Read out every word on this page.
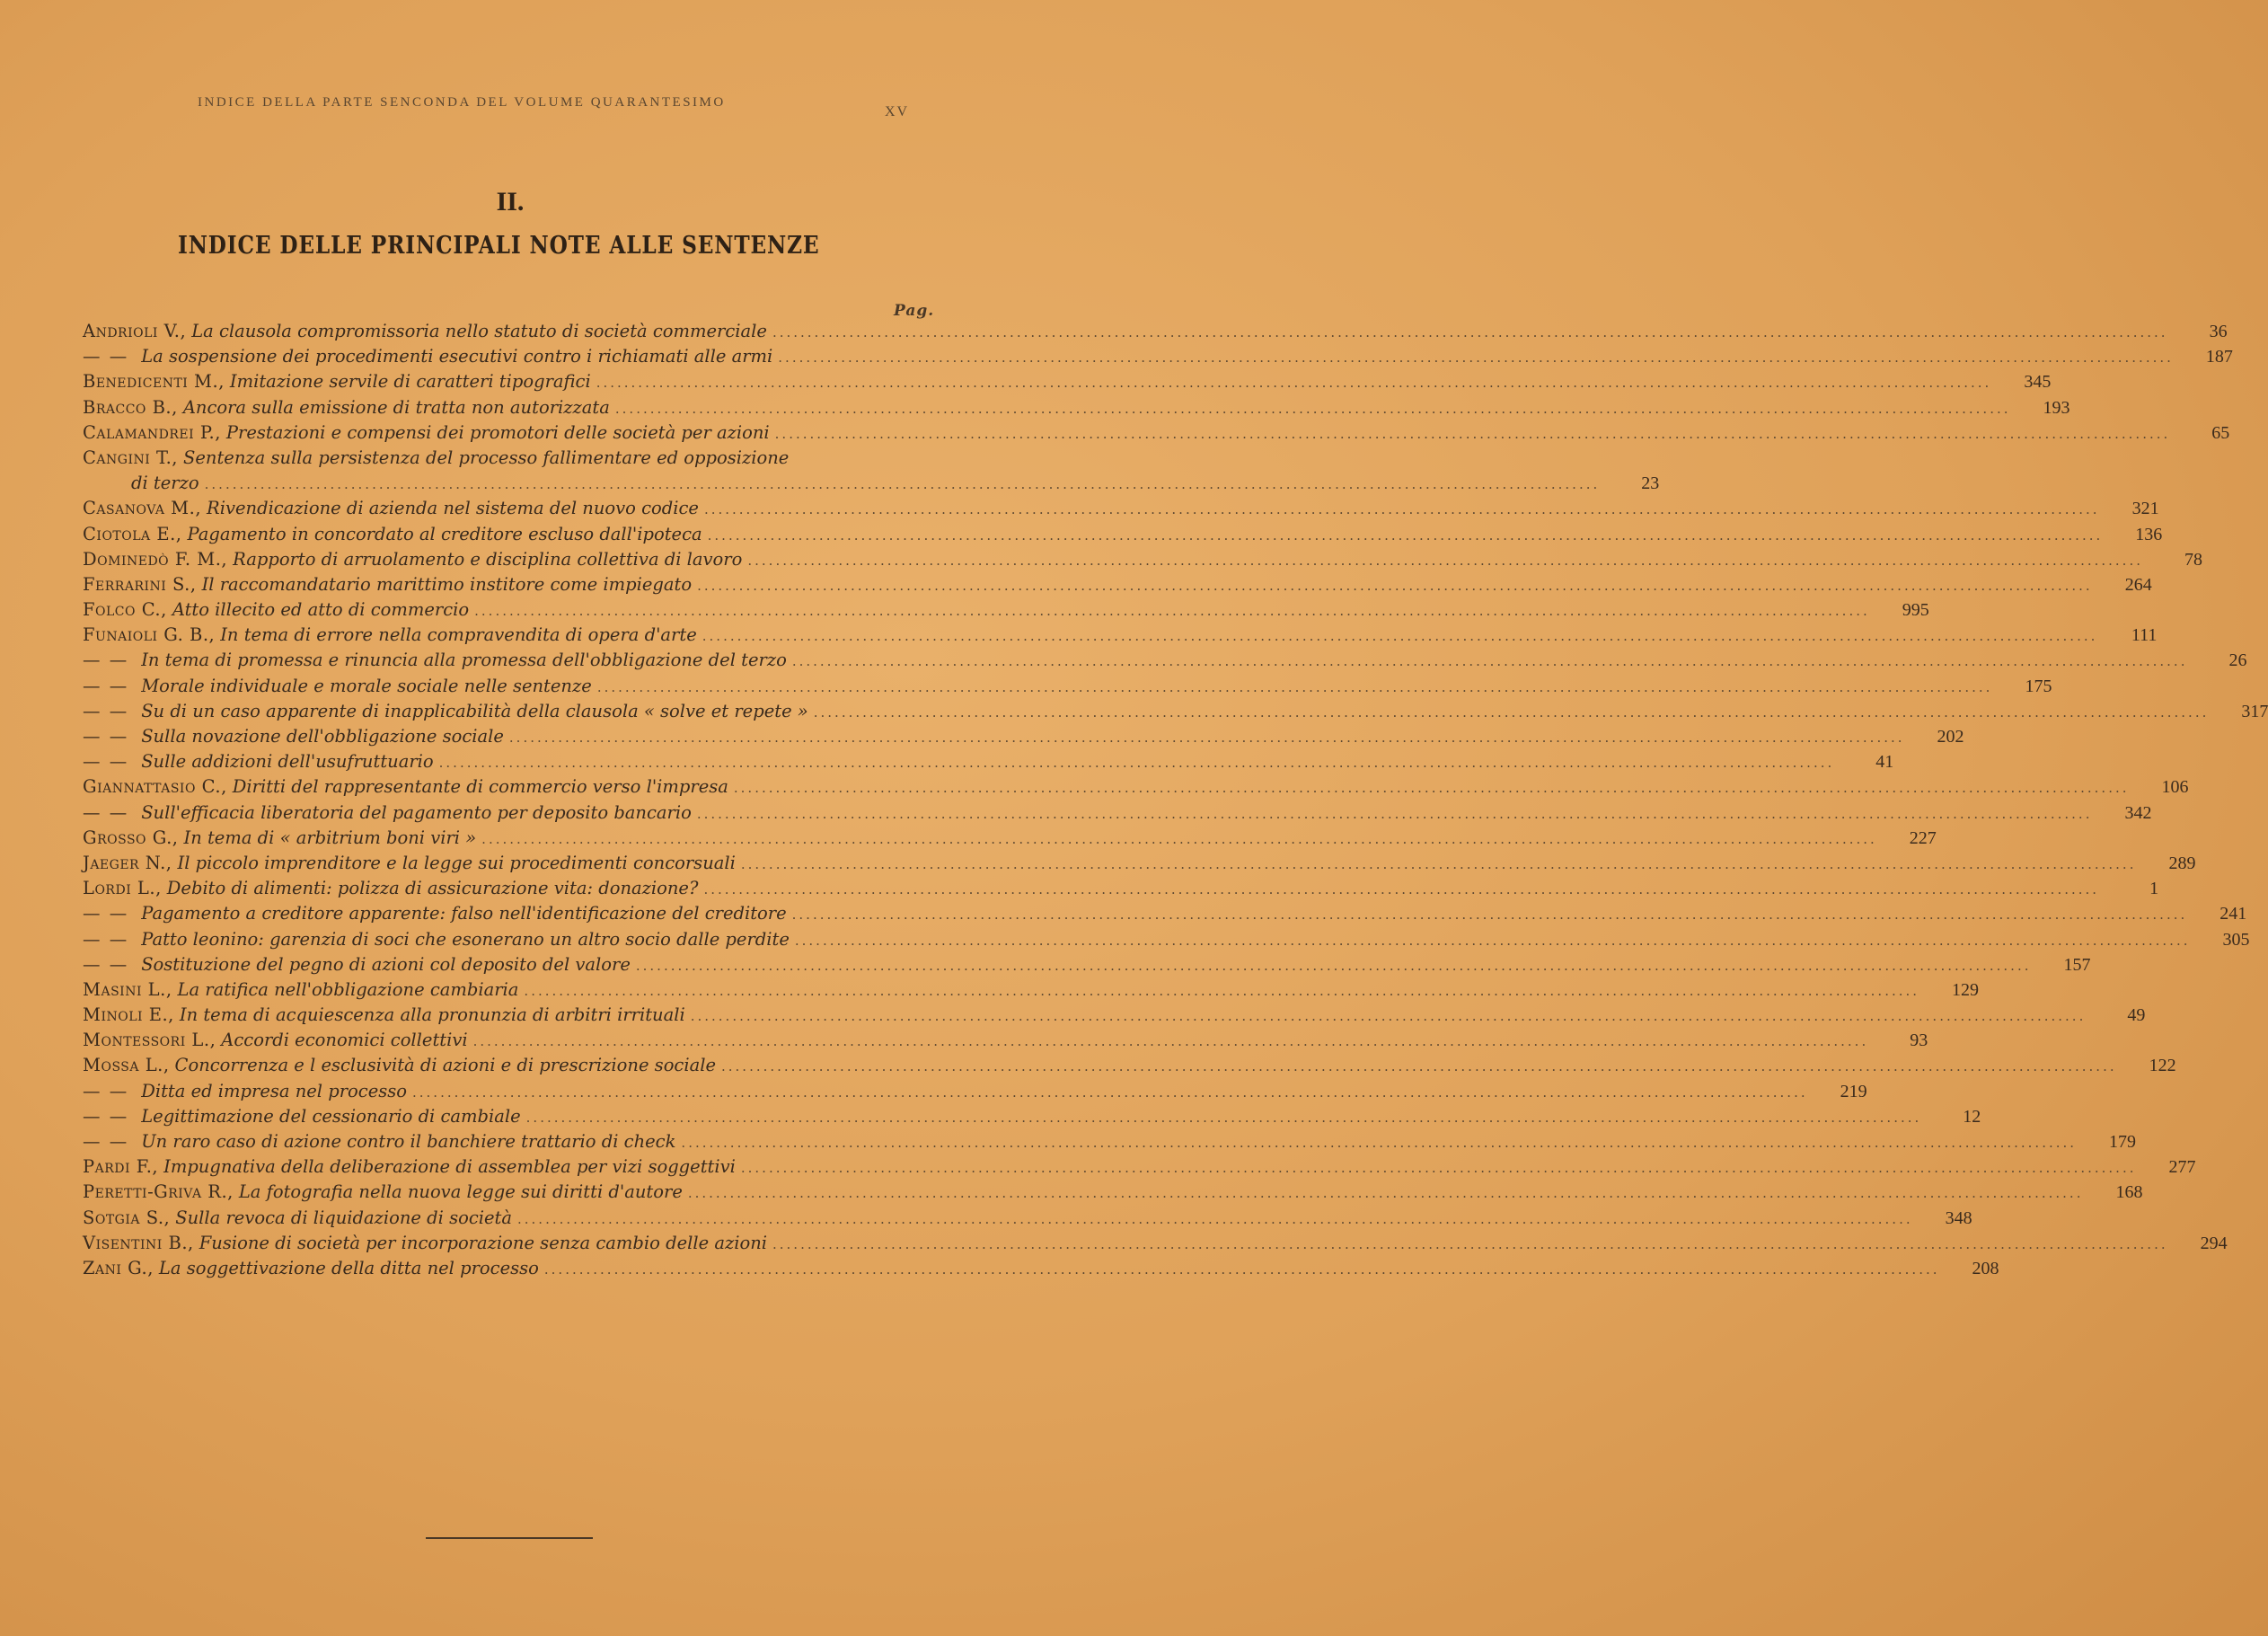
INDICE DELLA PARTE SENCONDA DEL VOLUME QUARANTESIMO
XV
II.
INDICE DELLE PRINCIPALI NOTE ALLE SENTENZE
Pag.
Andrioli V., La clausola compromissoria nello statuto di società commerciale ........................................................................................................................................................................................................	36
— — La sospensione dei procedimenti esecutivi contro i richiamati alle armi ........................................................................................................................................................................................................	187
Benedicenti M., Imitazione servile di caratteri tipografici ........................................................................................................................................................................................................	345
Bracco B., Ancora sulla emissione di tratta non autorizzata ........................................................................................................................................................................................................	193
Calamandrei P., Prestazioni e compensi dei promotori delle società per azioni ........................................................................................................................................................................................................	65
Cangini T., Sentenza sulla persistenza del processo fallimentare ed opposizione
di terzo ........................................................................................................................................................................................................	23
Casanova M., Rivendicazione di azienda nel sistema del nuovo codice ........................................................................................................................................................................................................	321
Ciotola E., Pagamento in concordato al creditore escluso dall'ipoteca ........................................................................................................................................................................................................	136
Dominedò F. M., Rapporto di arruolamento e disciplina collettiva di lavoro ........................................................................................................................................................................................................	78
Ferrarini S., Il raccomandatario marittimo institore come impiegato ........................................................................................................................................................................................................	264
Folco C., Atto illecito ed atto di commercio ........................................................................................................................................................................................................	995
Funaioli G. B., In tema di errore nella compravendita di opera d'arte ........................................................................................................................................................................................................	111
— — In tema di promessa e rinuncia alla promessa dell'obbligazione del terzo ........................................................................................................................................................................................................	26
— — Morale individuale e morale sociale nelle sentenze ........................................................................................................................................................................................................	175
— — Su di un caso apparente di inapplicabilità della clausola « solve et repete » ........................................................................................................................................................................................................	317
— — Sulla novazione dell'obbligazione sociale ........................................................................................................................................................................................................	202
— — Sulle addizioni dell'usufruttuario ........................................................................................................................................................................................................	41
Giannattasio C., Diritti del rappresentante di commercio verso l'impresa ........................................................................................................................................................................................................	106
— — Sull'efficacia liberatoria del pagamento per deposito bancario ........................................................................................................................................................................................................	342
Grosso G., In tema di « arbitrium boni viri » ........................................................................................................................................................................................................	227
Jaeger N., Il piccolo imprenditore e la legge sui procedimenti concorsuali ........................................................................................................................................................................................................	289
Lordi L., Debito di alimenti: polizza di assicurazione vita: donazione? ........................................................................................................................................................................................................	1
— — Pagamento a creditore apparente: falso nell'identificazione del creditore ........................................................................................................................................................................................................	241
— — Patto leonino: garenzia di soci che esonerano un altro socio dalle perdite ........................................................................................................................................................................................................	305
— — Sostituzione del pegno di azioni col deposito del valore ........................................................................................................................................................................................................	157
Masini L., La ratifica nell'obbligazione cambiaria ........................................................................................................................................................................................................	129
Minoli E., In tema di acquiescenza alla pronunzia di arbitri irrituali ........................................................................................................................................................................................................	49
Montessori L., Accordi economici collettivi ........................................................................................................................................................................................................	93
Mossa L., Concorrenza e l esclusività di azioni e di prescrizione sociale ........................................................................................................................................................................................................	122
— — Ditta ed impresa nel processo ........................................................................................................................................................................................................	219
— — Legittimazione del cessionario di cambiale ........................................................................................................................................................................................................	12
— — Un raro caso di azione contro il banchiere trattario di check ........................................................................................................................................................................................................	179
Pardi F., Impugnativa della deliberazione di assemblea per vizi soggettivi ........................................................................................................................................................................................................	277
Peretti-Griva R., La fotografia nella nuova legge sui diritti d'autore ........................................................................................................................................................................................................	168
Sotgia S., Sulla revoca di liquidazione di società ........................................................................................................................................................................................................	348
Visentini B., Fusione di società per incorporazione senza cambio delle azioni ........................................................................................................................................................................................................	294
Zani G., La soggettivazione della ditta nel processo ........................................................................................................................................................................................................	208
